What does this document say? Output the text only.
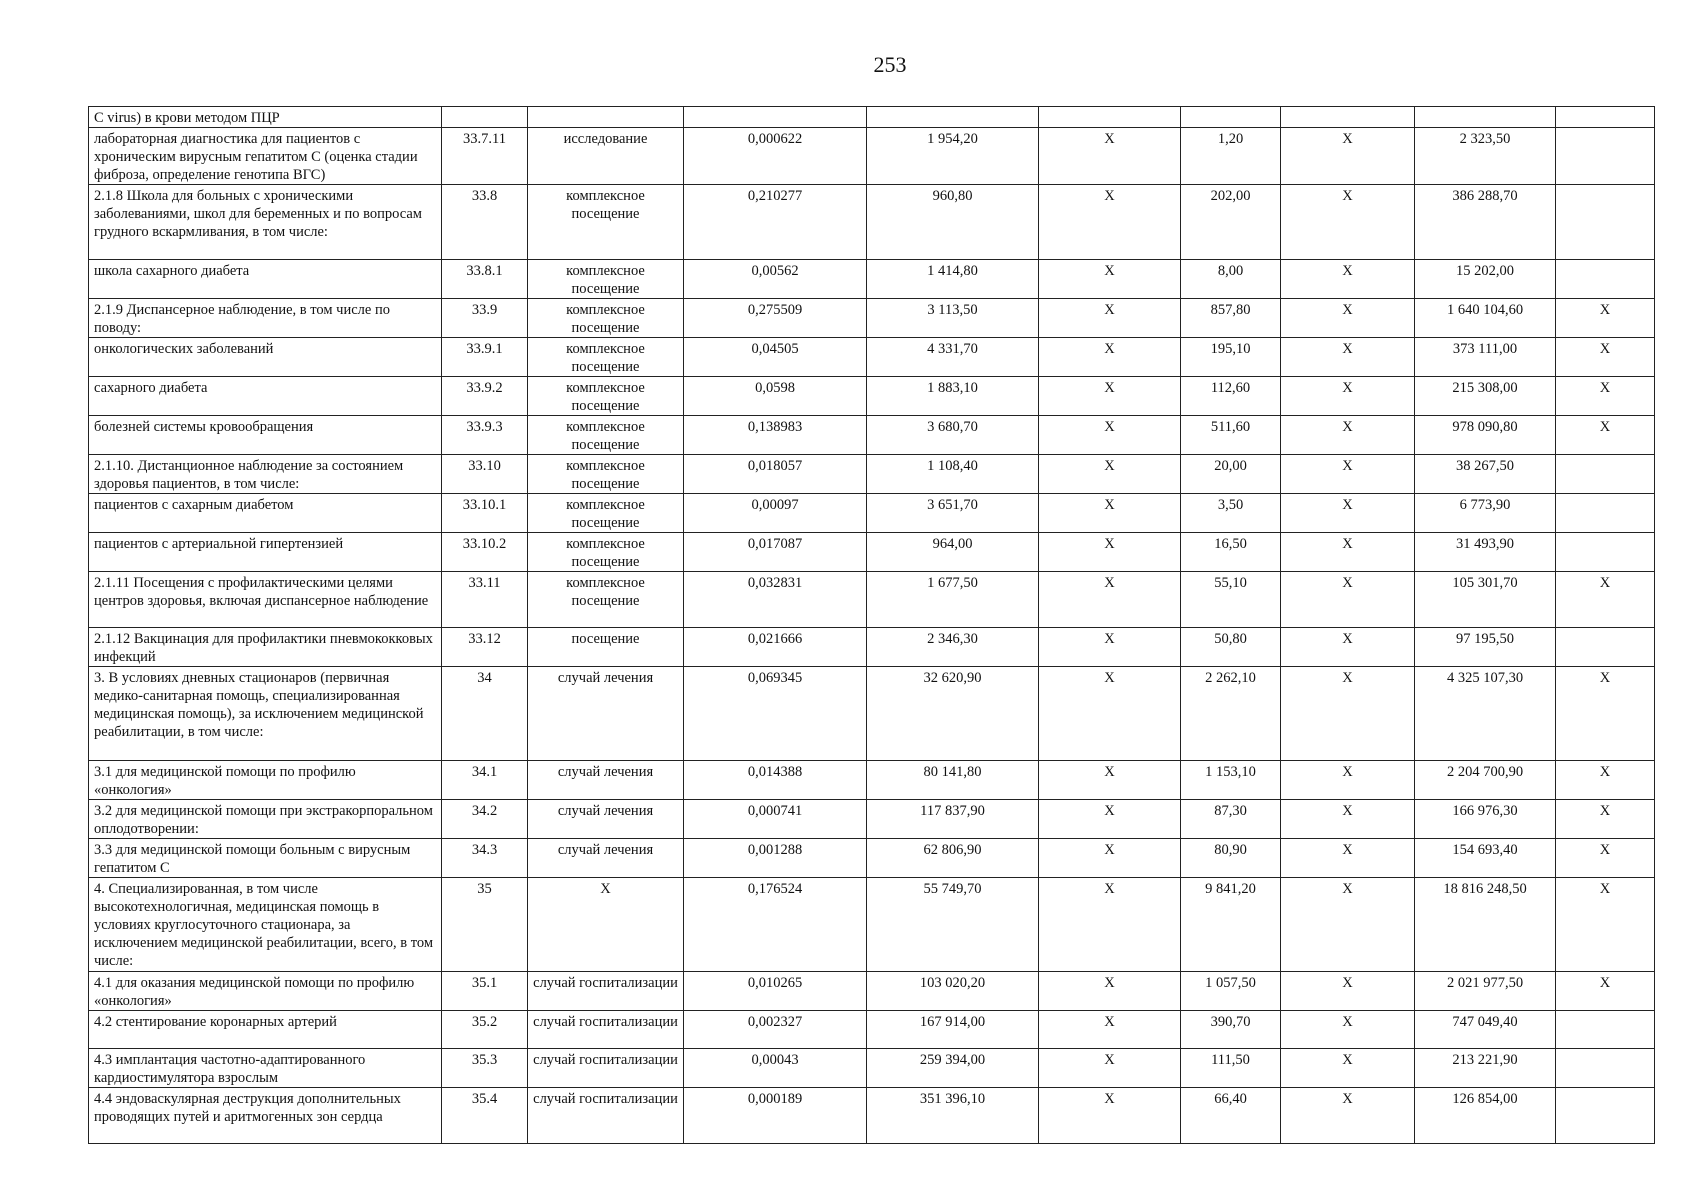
253
C virus) в крови методом ПЦР									
лабораторная диагностика для пациентов с хроническим вирусным гепатитом С (оценка стадии фиброза, определение генотипа ВГС)	33.7.11	исследование	0,000622	1 954,20	X	1,20	X	2 323,50	
2.1.8 Школа для больных с хроническими заболеваниями, школ для беременных и по вопросам грудного вскармливания, в том числе:	33.8	комплексное посещение	0,210277	960,80	X	202,00	X	386 288,70	
школа сахарного диабета	33.8.1	комплексное посещение	0,00562	1 414,80	X	8,00	X	15 202,00	
2.1.9 Диспансерное наблюдение, в том числе по поводу:	33.9	комплексное посещение	0,275509	3 113,50	X	857,80	X	1 640 104,60	X
онкологических заболеваний	33.9.1	комплексное посещение	0,04505	4 331,70	X	195,10	X	373 111,00	X
сахарного диабета	33.9.2	комплексное посещение	0,0598	1 883,10	X	112,60	X	215 308,00	X
болезней системы кровообращения	33.9.3	комплексное посещение	0,138983	3 680,70	X	511,60	X	978 090,80	X
2.1.10. Дистанционное наблюдение за состоянием здоровья пациентов, в том числе:	33.10	комплексное посещение	0,018057	1 108,40	X	20,00	X	38 267,50	
пациентов с сахарным диабетом	33.10.1	комплексное посещение	0,00097	3 651,70	X	3,50	X	6 773,90	
пациентов с артериальной гипертензией	33.10.2	комплексное посещение	0,017087	964,00	X	16,50	X	31 493,90	
2.1.11 Посещения с профилактическими целями центров здоровья, включая диспансерное наблюдение	33.11	комплексное посещение	0,032831	1 677,50	X	55,10	X	105 301,70	X
2.1.12 Вакцинация для профилактики пневмококковых инфекций	33.12	посещение	0,021666	2 346,30	X	50,80	X	97 195,50	
3. В условиях дневных стационаров (первичная медико-санитарная помощь, специализированная медицинская помощь), за исключением медицинской реабилитации, в том числе:	34	случай лечения	0,069345	32 620,90	X	2 262,10	X	4 325 107,30	X
3.1 для медицинской помощи по профилю «онкология»	34.1	случай лечения	0,014388	80 141,80	X	1 153,10	X	2 204 700,90	X
3.2 для медицинской помощи при экстракорпоральном оплодотворении:	34.2	случай лечения	0,000741	117 837,90	X	87,30	X	166 976,30	X
3.3 для медицинской помощи больным с вирусным гепатитом С	34.3	случай лечения	0,001288	62 806,90	X	80,90	X	154 693,40	X
4. Специализированная, в том числе высокотехнологичная, медицинская помощь в условиях круглосуточного стационара, за исключением медицинской реабилитации, всего, в том числе:	35	X	0,176524	55 749,70	X	9 841,20	X	18 816 248,50	X
4.1 для оказания медицинской помощи по профилю «онкология»	35.1	случай госпитализации	0,010265	103 020,20	X	1 057,50	X	2 021 977,50	X
4.2 стентирование коронарных артерий	35.2	случай госпитализации	0,002327	167 914,00	X	390,70	X	747 049,40	
4.3 имплантация частотно-адаптированного кардиостимулятора взрослым	35.3	случай госпитализации	0,00043	259 394,00	X	111,50	X	213 221,90	
4.4 эндоваскулярная деструкция дополнительных проводящих путей и аритмогенных зон сердца	35.4	случай госпитализации	0,000189	351 396,10	X	66,40	X	126 854,00	
